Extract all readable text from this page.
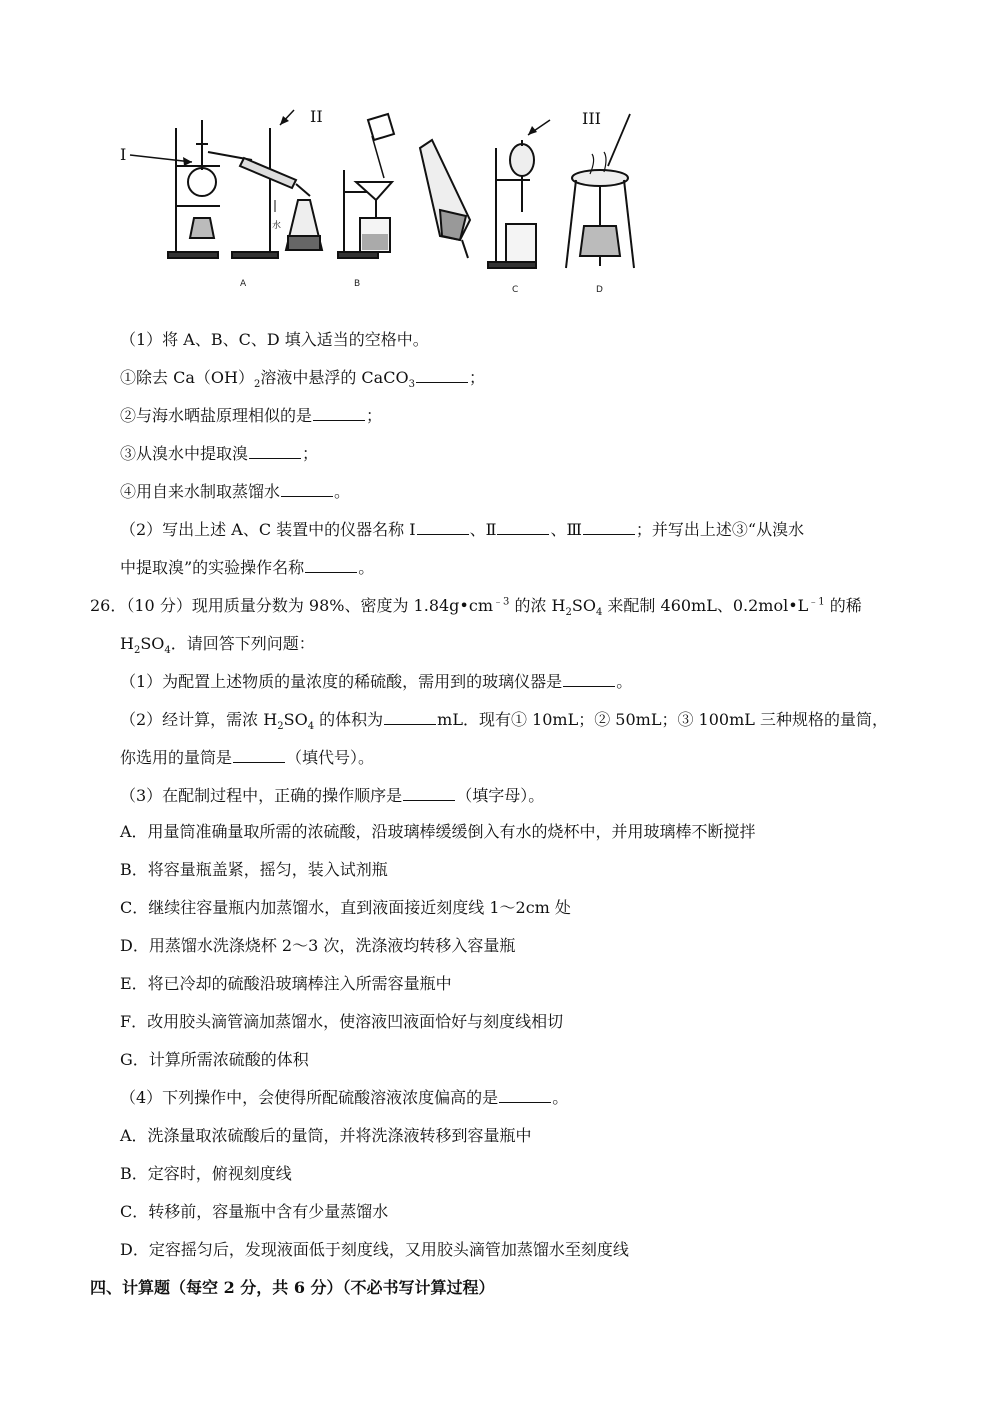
I
II	III
水
A	B
C	D
（1）将 A、B、C、D 填入适当的空格中。
①除去 $Ca(OH)_2$溶液中悬浮的 CaCO$_3$	；
②与海水晒盐原理相似的是	；
③从溴水中提取溴	；
④用自来水制取蒸馏水	。
（2）写出上述 A、C 装置中的仪器名称 Ⅰ	、Ⅱ	、Ⅲ	；并写出上述③“从溴水
中提取溴”的实验操作名称	。
26．（10 分）现用质量分数为 98%、密度为 $1.84g•cm^{﹣3}$ 的浓 $H_2SO_4$ 来配制 460mL、$0.2mol•L^{﹣1}$ 的稀
$H_2SO_4$．请回答下列问题：
（1）为配置上述物质的量浓度的稀硫酸，需用到的玻璃仪器是	。
（2）经计算，需浓 $H_2SO_4$ 的体积为	mL．现有① 10mL；② 50mL；③ 100mL 三种规格的量筒，
你选用的量筒是	（填代号）。
（3）在配制过程中，正确的操作顺序是	（填字母）。
A．用量筒准确量取所需的浓硫酸，沿玻璃棒缓缓倒入有水的烧杯中，并用玻璃棒不断搅拌
B．将容量瓶盖紧，摇匀，装入试剂瓶
C．继续往容量瓶内加蒸馏水，直到液面接近刻度线 1～2cm 处
D．用蒸馏水洗涤烧杯 2～3 次，洗涤液均转移入容量瓶
E．将已冷却的硫酸沿玻璃棒注入所需容量瓶中
F．改用胶头滴管滴加蒸馏水，使溶液凹液面恰好与刻度线相切
G．计算所需浓硫酸的体积
（4）下列操作中，会使得所配硫酸溶液浓度偏高的是	。
A．洗涤量取浓硫酸后的量筒，并将洗涤液转移到容量瓶中
B．定容时，俯视刻度线
C．转移前，容量瓶中含有少量蒸馏水
D．定容摇匀后，发现液面低于刻度线，又用胶头滴管加蒸馏水至刻度线
四、计算题（每空 2 分，共 6 分）（不必书写计算过程）
